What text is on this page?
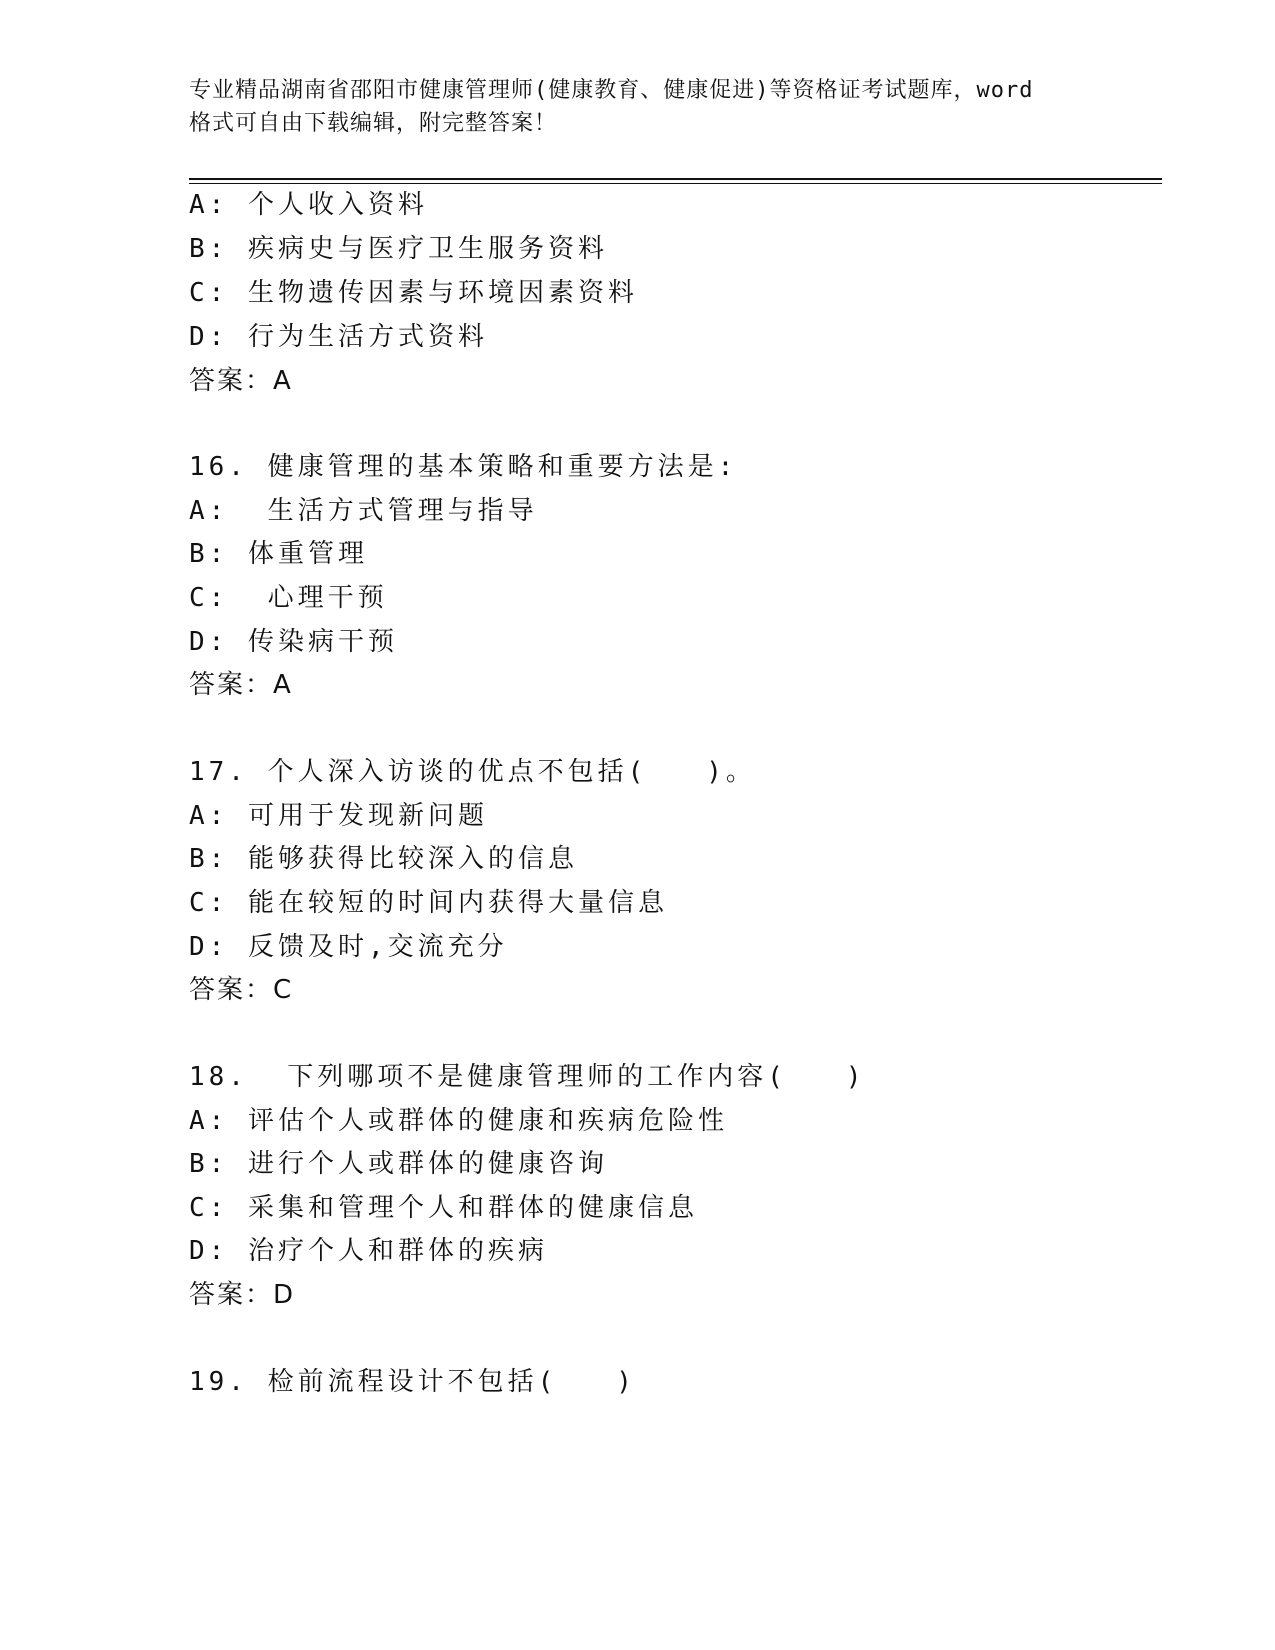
专业精品湖南省邵阳市健康管理师(健康教育、健康促进)等资格证考试题库，word
格式可自由下载编辑，附完整答案！
A: 个人收入资料
B: 疾病史与医疗卫生服务资料
C: 生物遗传因素与环境因素资料
D: 行为生活方式资料
答案：A
16. 健康管理的基本策略和重要方法是:
A:  生活方式管理与指导
B: 体重管理
C:  心理干预
D: 传染病干预
答案：A
17. 个人深入访谈的优点不包括(   )。
A: 可用于发现新问题
B: 能够获得比较深入的信息
C: 能在较短的时间内获得大量信息
D: 反馈及时,交流充分
答案：C
18.  下列哪项不是健康管理师的工作内容(   )
A: 评估个人或群体的健康和疾病危险性
B: 进行个人或群体的健康咨询
C: 采集和管理个人和群体的健康信息
D: 治疗个人和群体的疾病
答案：D
19. 检前流程设计不包括(   )
